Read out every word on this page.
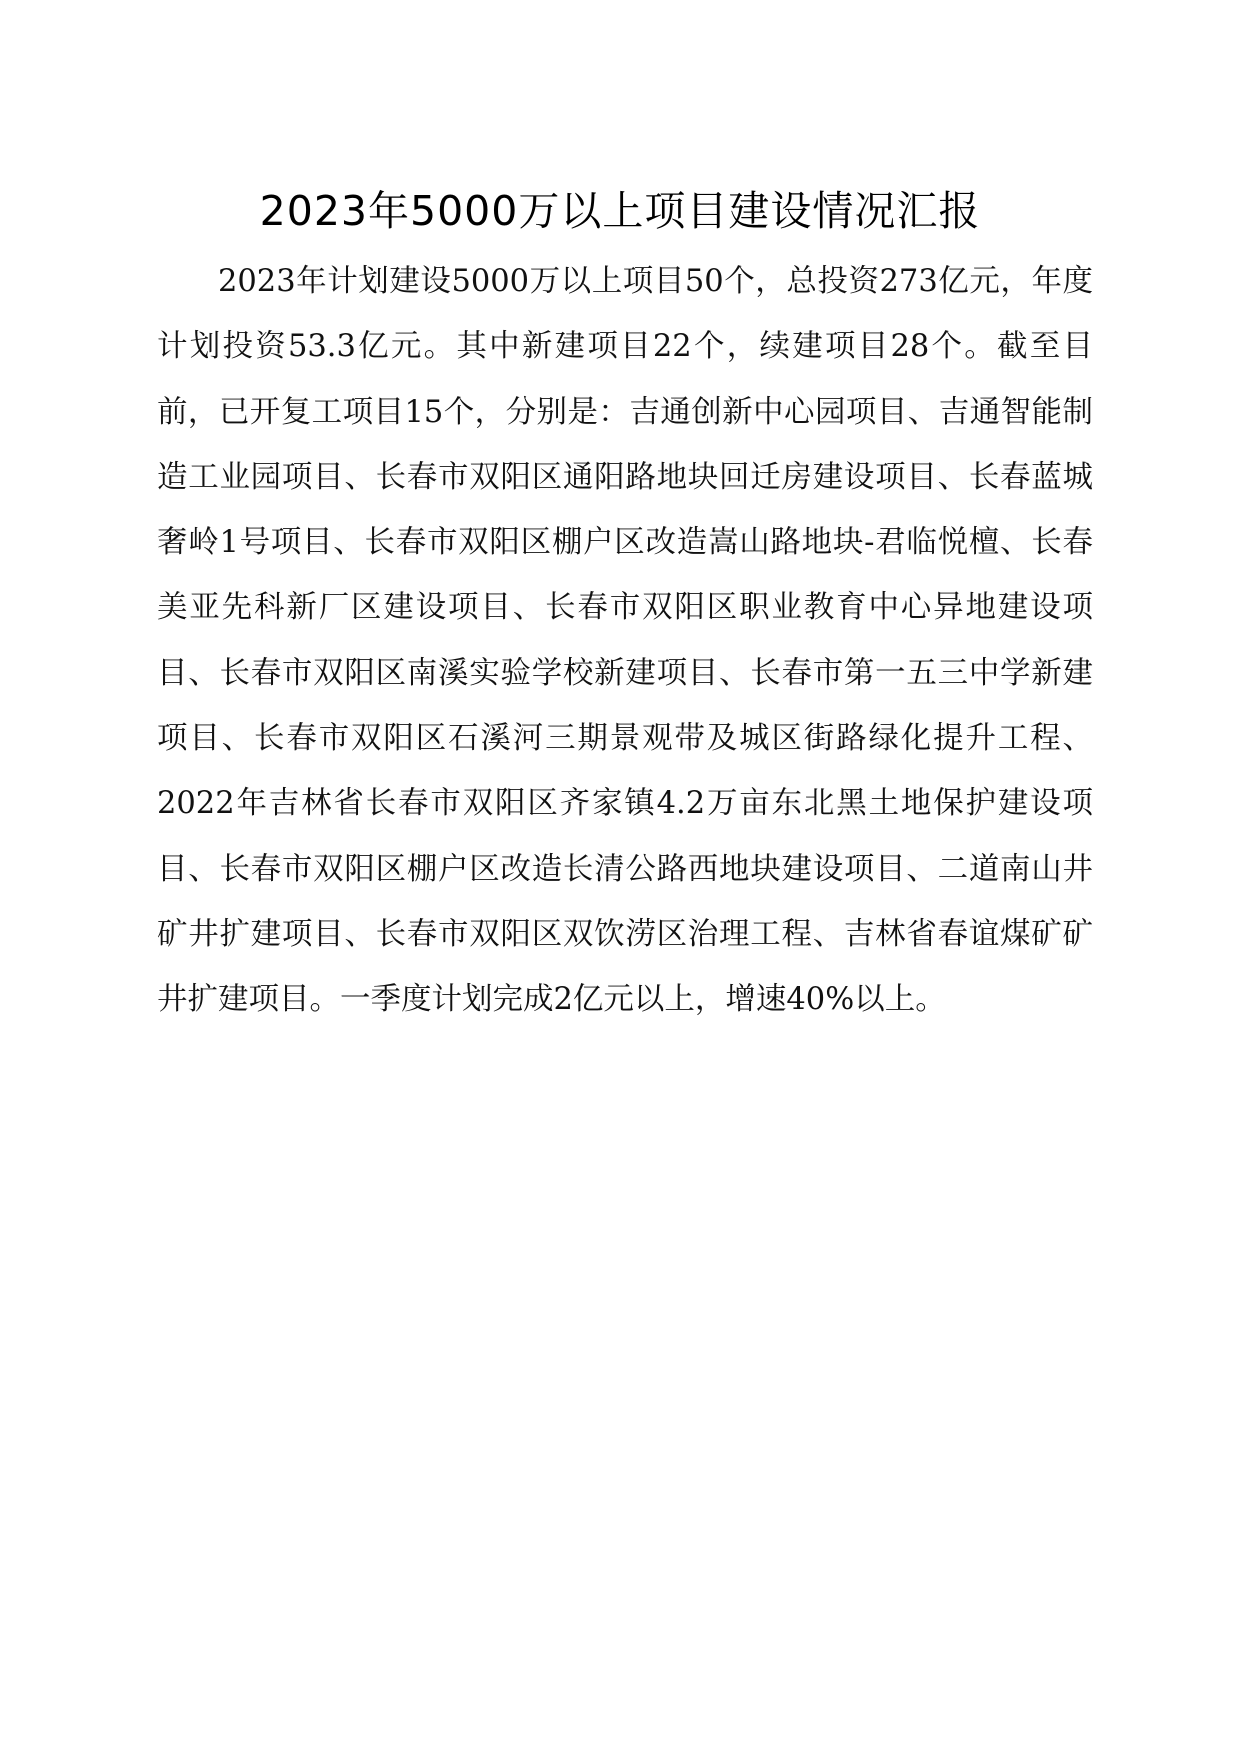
2023年5000万以上项目建设情况汇报

2023年计划建设5000万以上项目50个，总投资273亿元，年度计划投资53.3亿元。其中新建项目22个，续建项目28个。截至目前，已开复工项目15个，分别是：吉通创新中心园项目、吉通智能制造工业园项目、长春市双阳区通阳路地块回迁房建设项目、长春蓝城奢岭1号项目、长春市双阳区棚户区改造嵩山路地块-君临悦檀、长春美亚先科新厂区建设项目、长春市双阳区职业教育中心异地建设项目、长春市双阳区南溪实验学校新建项目、长春市第一五三中学新建项目、长春市双阳区石溪河三期景观带及城区街路绿化提升工程、2022年吉林省长春市双阳区齐家镇4.2万亩东北黑土地保护建设项目、长春市双阳区棚户区改造长清公路西地块建设项目、二道南山井矿井扩建项目、长春市双阳区双饮涝区治理工程、吉林省春谊煤矿矿井扩建项目。一季度计划完成2亿元以上，增速40%以上。
